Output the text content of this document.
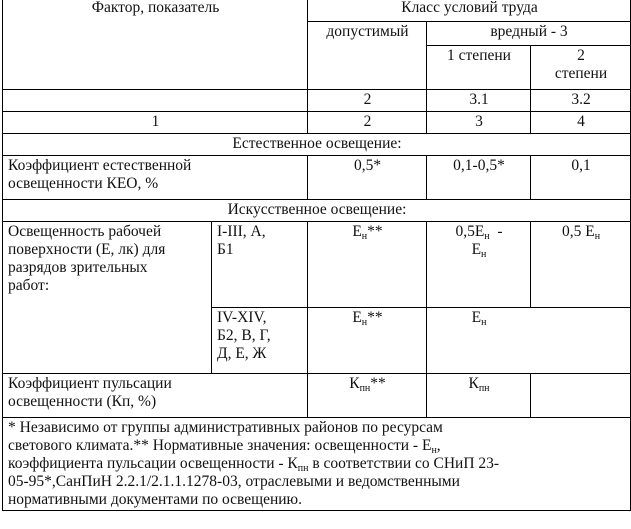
Фактор, показатель		Класс условий труда		
		допустимый	вредный - 3	
			1 степени	2
степени

		2	3.1	3.2
1		2	3	4
Естественное освещение:				

Коэффициент естественной
освещенности КЕО, %		0,5*	0,1-0,5*	0,1
Искусственное освещение:				

Освещенность рабочей
поверхности (Е, лк) для
разрядов зрительных
работ:	I-III, А,
Б1	$Е_н**$	$0,5Е_н$  -
$Е_н$	0,5 $Е_н$

	IV-XIV,
Б2, В, Г,
Д, Е, Ж	$Е_н**$	$Е_н$

Коэффициент пульсации
освещенности (Кп, %)		$К_{пн}**$	$К_{пн}$	

* Независимо от группы административных районов по ресурсам
светового климата.** Нормативные значения: освещенности - $Е_н$,
коэффициента пульсации освещенности - $К_{пн}$ в соответствии со СНиП 23-
05-95*,СанПиН 2.2.1/2.1.1.1278-03, отраслевыми и ведомственными
нормативными документами по освещению.				
